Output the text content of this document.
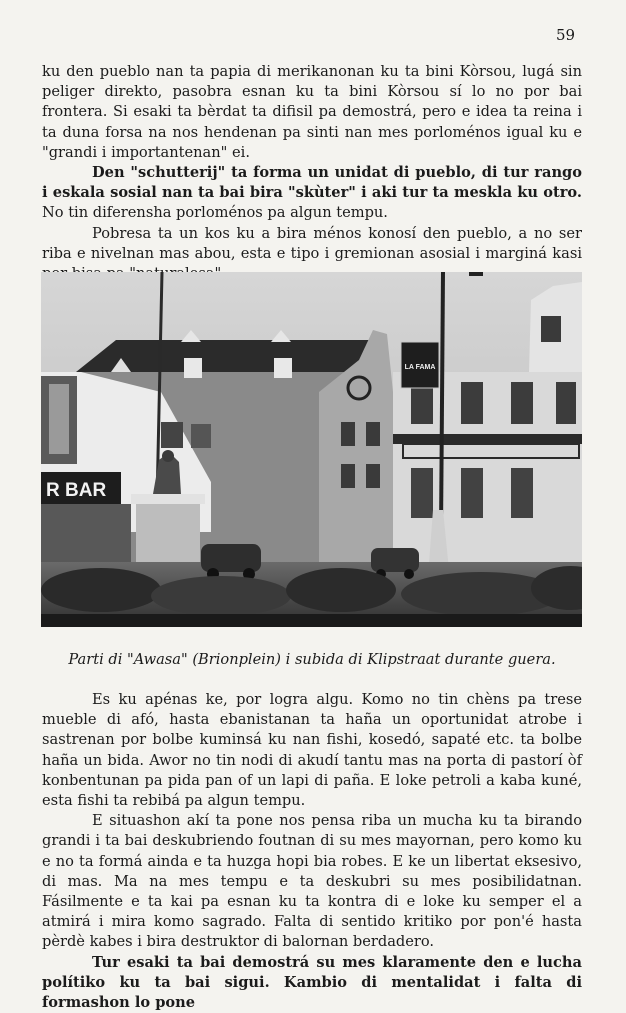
59

ku den pueblo nan ta papia di merikanonan ku ta bini Kòrsou, lugá sin peliger direkto, pasobra esnan ku ta bini Kòrsou sí lo no por bai frontera. Si esaki ta bèrdat ta difisil pa demostrá, pero e idea ta reina i ta duna forsa na nos hendenan pa sinti nan mes porloménos igual ku e "grandi i importantenan" ei.

Den "schutterij" ta forma un unidat di pueblo, di tur rango i eskala sosial nan ta bai bira "skùter" i aki tur ta meskla ku otro. No tin diferensha porloménos pa algun tempu.

Pobresa ta un kos ku a bira ménos konosí den pueblo, a no ser riba e nivelnan mas abou, esta e tipo i gremionan asosial i marginá kasi

LA FAMA
R BAR
Parti di "Awasa" (Brionplein) i subida di Klipstraat durante guera.

Es ku apénas ke, por logra algu. Komo no tin chèns pa trese mueble di afó, hasta ebanistanan ta haña un oportunidat atrobe i sastrenan por bolbe kuminsá ku nan fishi, kosedó, sapaté etc. ta bolbe haña un bida. Awor no tin nodi di akudí tantu mas na porta di pastorí òf konbentunan pa pida pan of un lapi di paña. E loke petroli a kaba kuné, esta fishi ta rebibá pa algun tempu.

E situashon akí ta pone nos pensa riba un mucha ku ta birando grandi i ta bai deskubriendo foutnan di su mes mayornan, pero komo ku e no ta formá ainda e ta huzga hopi bia robes. E ke un libertat eksesivo, di mas. Ma na mes tempu e ta deskubri su mes posibilidatnan. Fásilmente e ta kai pa esnan ku ta kontra di e loke ku semper el a atmirá i mira komo sagrado. Falta di sentido kritiko por pon'é hasta pèrdè kabes i bira destruktor di balornan berdadero.

Tur esaki ta bai demostrá su mes klaramente den e lucha polítiko ku ta bai sigui. Kambio di mentalidat i falta di formashon lo pone
